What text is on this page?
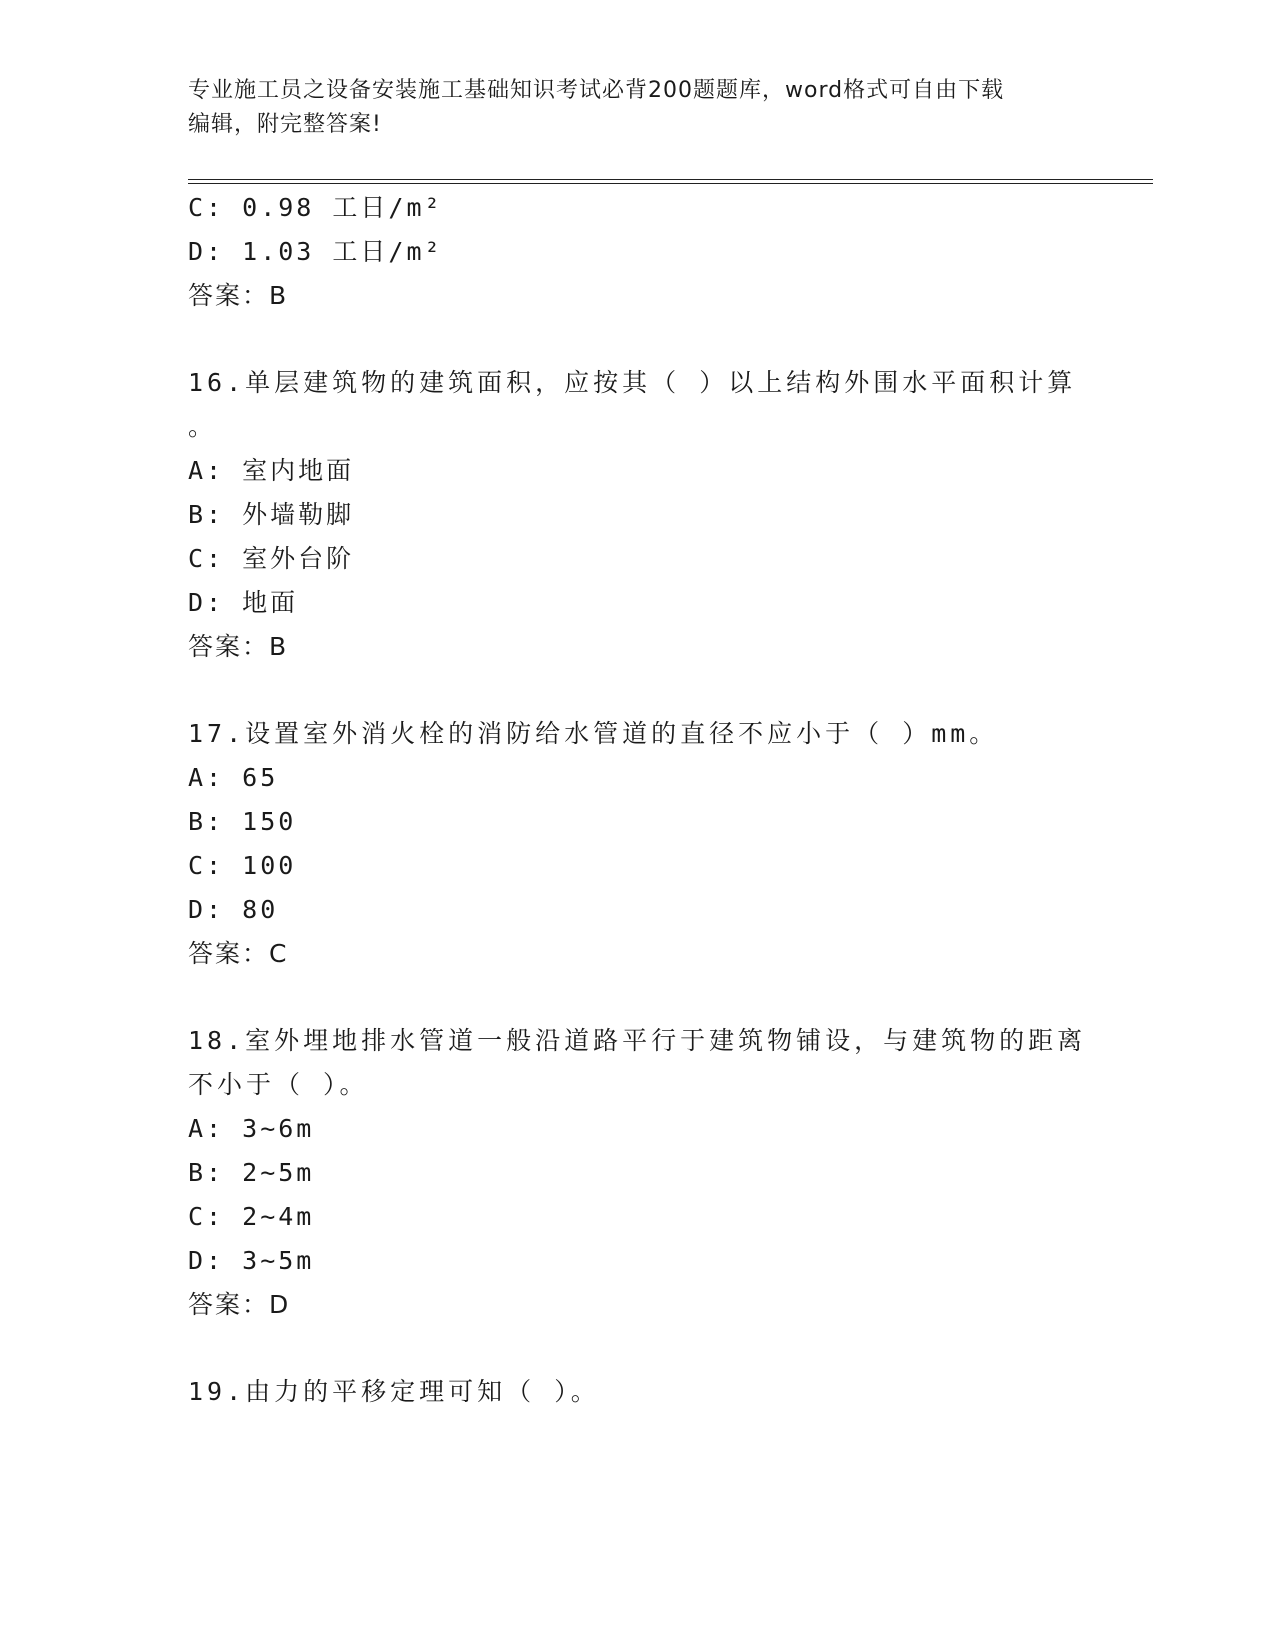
专业施工员之设备安装施工基础知识考试必背200题题库，word格式可自由下载
编辑，附完整答案!
C: 0.98 工日/m²
D: 1.03 工日/m²
答案：B
16.单层建筑物的建筑面积，应按其（ ）以上结构外围水平面积计算
。
A: 室内地面
B: 外墙勒脚
C: 室外台阶
D: 地面
答案：B
17.设置室外消火栓的消防给水管道的直径不应小于（ ）mm。
A: 65
B: 150
C: 100
D: 80
答案：C
18.室外埋地排水管道一般沿道路平行于建筑物铺设，与建筑物的距离
不小于（ ）。
A: 3~6m
B: 2~5m
C: 2~4m
D: 3~5m
答案：D
19.由力的平移定理可知（ ）。
